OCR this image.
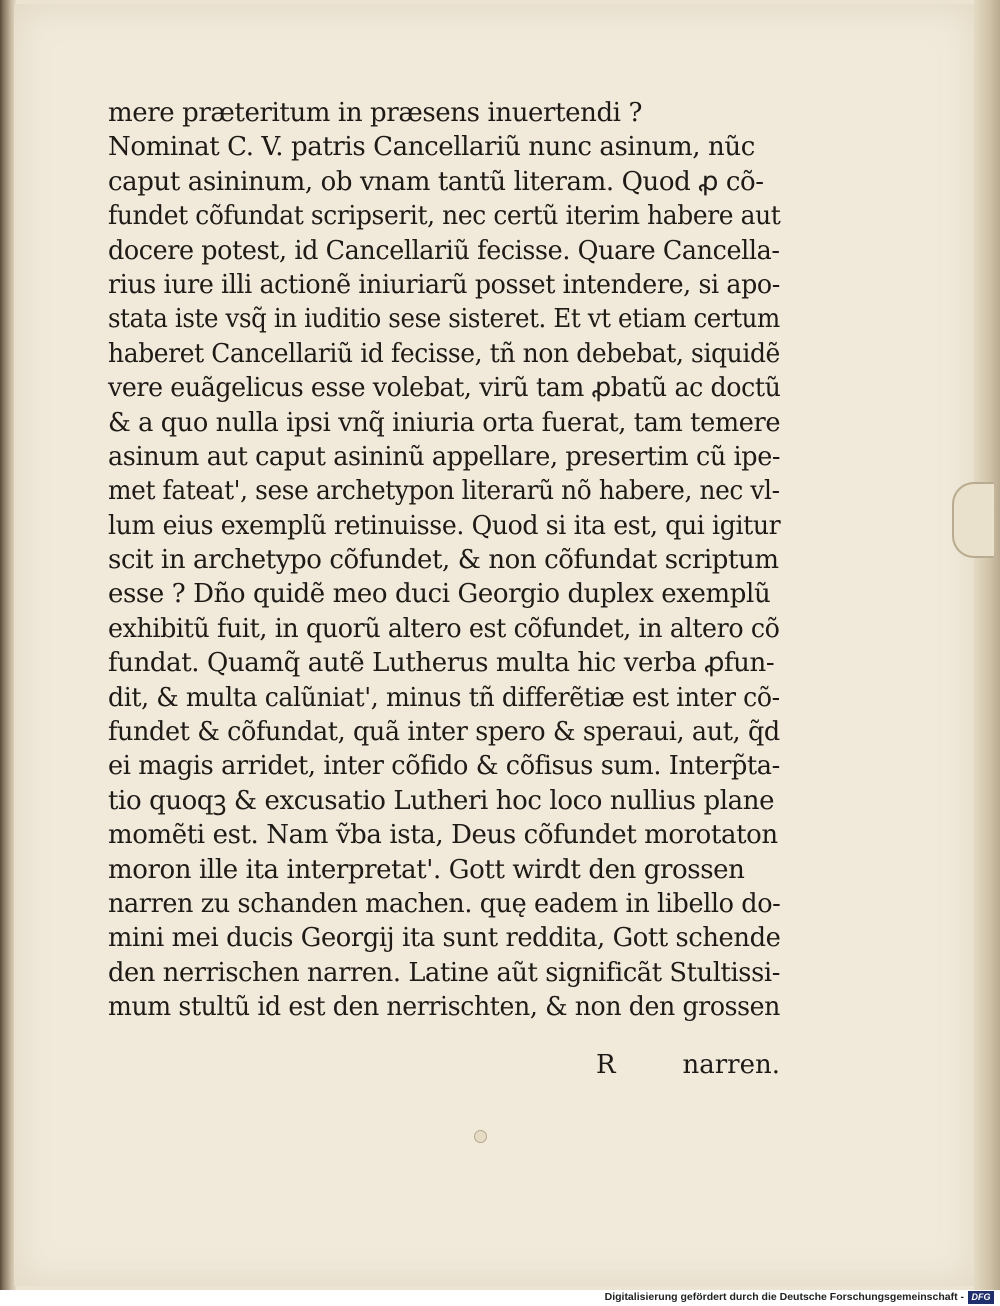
mere præteritum in præsens inuertendi ?
Nominat C. V. patris Cancellariũ nunc asinum, nũc
caput asininum, ob vnam tantũ literam. Quod ꝓ cõ-
fundet cõfundat scripserit, nec certũ iterim habere aut
docere potest, id Cancellariũ fecisse. Quare Cancella-
rius iure illi actionẽ iniuriarũ posset intendere, si apo-
stata iste vsq̃ in iuditio sese sisteret. Et vt etiam certum
haberet Cancellariũ id fecisse, tñ non debebat, siquidẽ
vere euãgelicus esse volebat, virũ tam ꝓbatũ ac doctũ
& a quo nulla ipsi vnq̃ iniuria orta fuerat, tam temere
asinum aut caput asininũ appellare, presertim cũ ipe-
met fateat', sese archetypon literarũ nõ habere, nec vl-
lum eius exemplũ retinuisse. Quod si ita est, qui igitur
scit in archetypo cõfundet, & non cõfundat scriptum
esse ? Dño quidẽ meo duci Georgio duplex exemplũ
exhibitũ fuit, in quorũ altero est cõfundet, in altero cõ
fundat. Quamq̃ autẽ Lutherus multa hic verba ꝓfun-
dit, & multa calũniat', minus tñ differẽtiæ est inter cõ-
fundet & cõfundat, quã inter spero & speraui, aut, q̃d
ei magis arridet, inter cõfido & cõfisus sum. Interp̃ta-
tio quoqꝫ & excusatio Lutheri hoc loco nullius plane
momẽti est. Nam ṽba ista, Deus cõfundet morotaton
moron ille ita interpretat'. Gott wirdt den grossen
narren zu schanden machen. quę eadem in libello do-
mini mei ducis Georgij ita sunt reddita, Gott schende
den nerrischen narren. Latine aũt significãt Stultissi-
mum stultũ id est den nerrischten, & non den grossen
R	narren.
Digitalisierung gefördert durch die Deutsche Forschungsgemeinschaft - DFG
